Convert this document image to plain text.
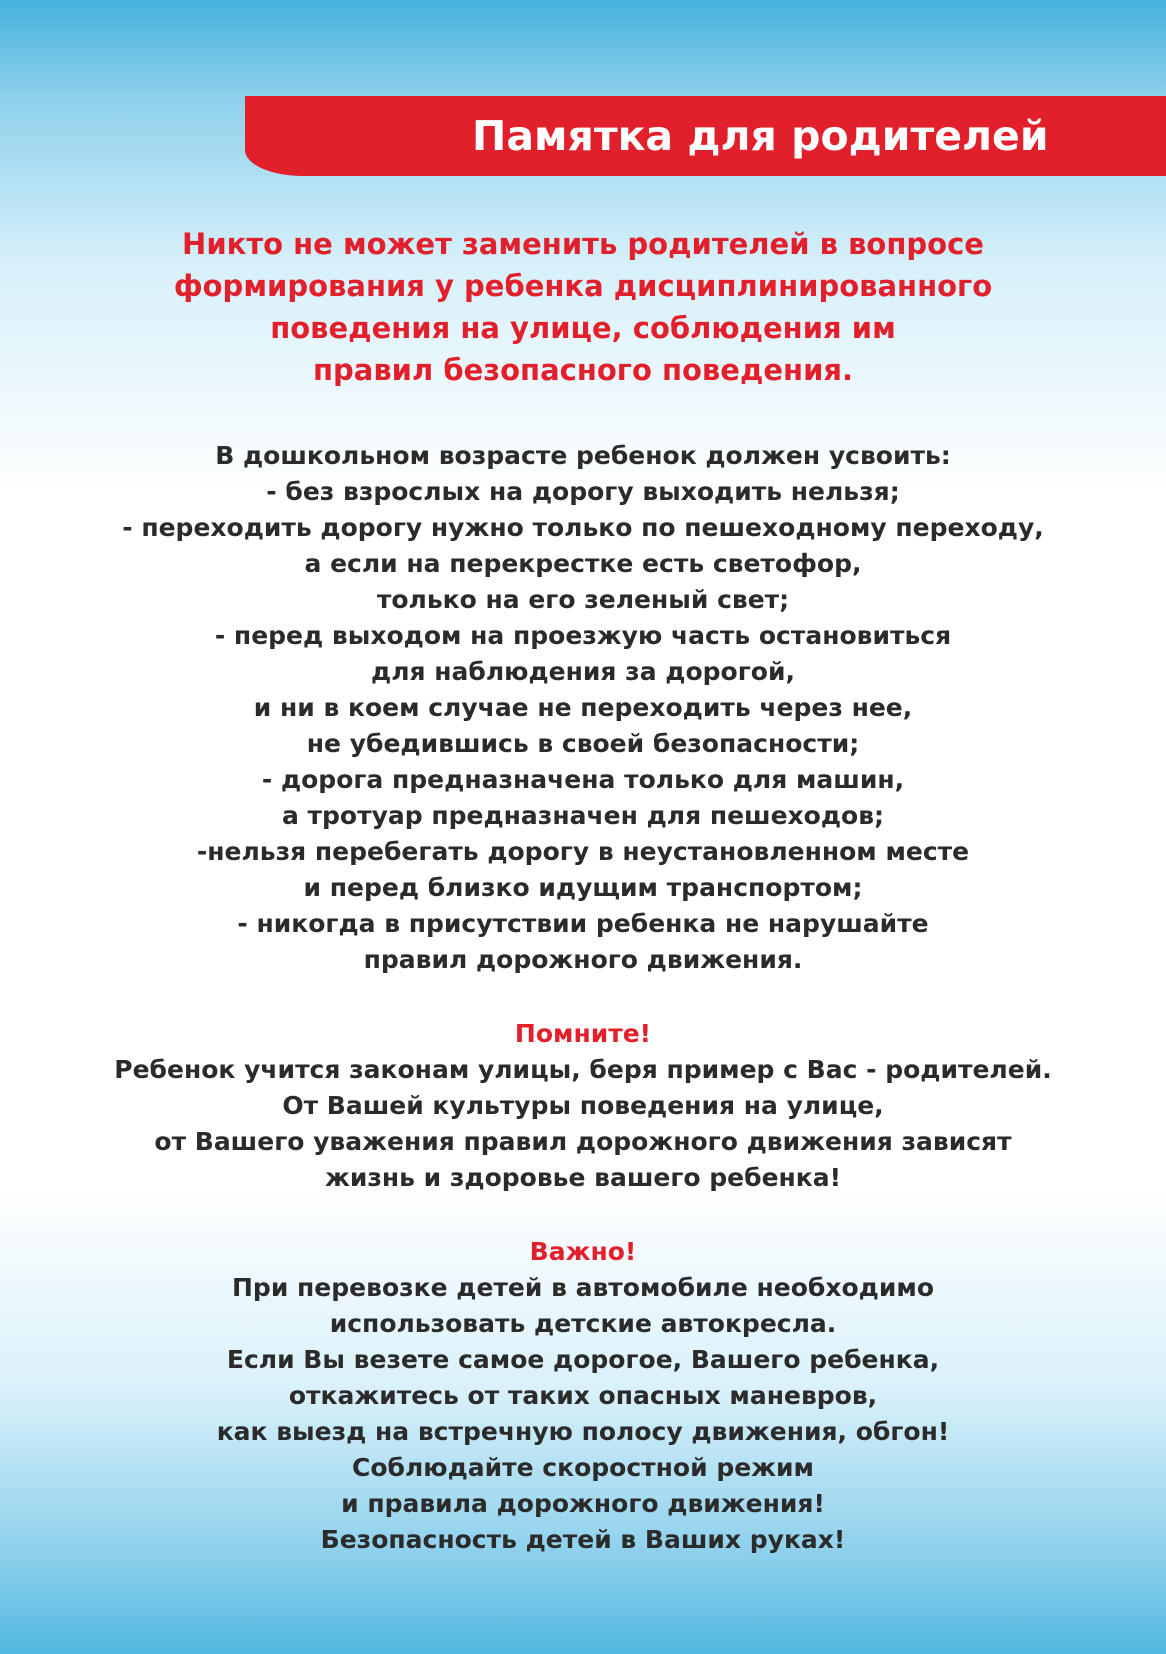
Памятка для родителей
Никто не может заменить родителей в вопросе
формирования у ребенка дисциплинированного
поведения на улице, соблюдения им
правил безопасного поведения.
В дошкольном возрасте ребенок должен усвоить:
- без взрослых на дорогу выходить нельзя;
- переходить дорогу нужно только по пешеходному переходу,
а если на перекрестке есть светофор,
только на его зеленый свет;
- перед выходом на проезжую часть остановиться
для наблюдения за дорогой,
и ни в коем случае не переходить через нее,
не убедившись в своей безопасности;
- дорога предназначена только для машин,
а тротуар предназначен для пешеходов;
-нельзя перебегать дорогу в неустановленном месте
и перед близко идущим транспортом;
- никогда в присутствии ребенка не нарушайте
правил дорожного движения.
Помните!
Ребенок учится законам улицы, беря пример с Вас - родителей.
От Вашей культуры поведения на улице,
от Вашего уважения правил дорожного движения зависят
жизнь и здоровье вашего ребенка!
Важно!
При перевозке детей в автомобиле необходимо
использовать детские автокресла.
Если Вы везете самое дорогое, Вашего ребенка,
откажитесь от таких опасных маневров,
как выезд на встречную полосу движения, обгон!
Соблюдайте скоростной режим
и правила дорожного движения!
Безопасность детей в Ваших руках!
